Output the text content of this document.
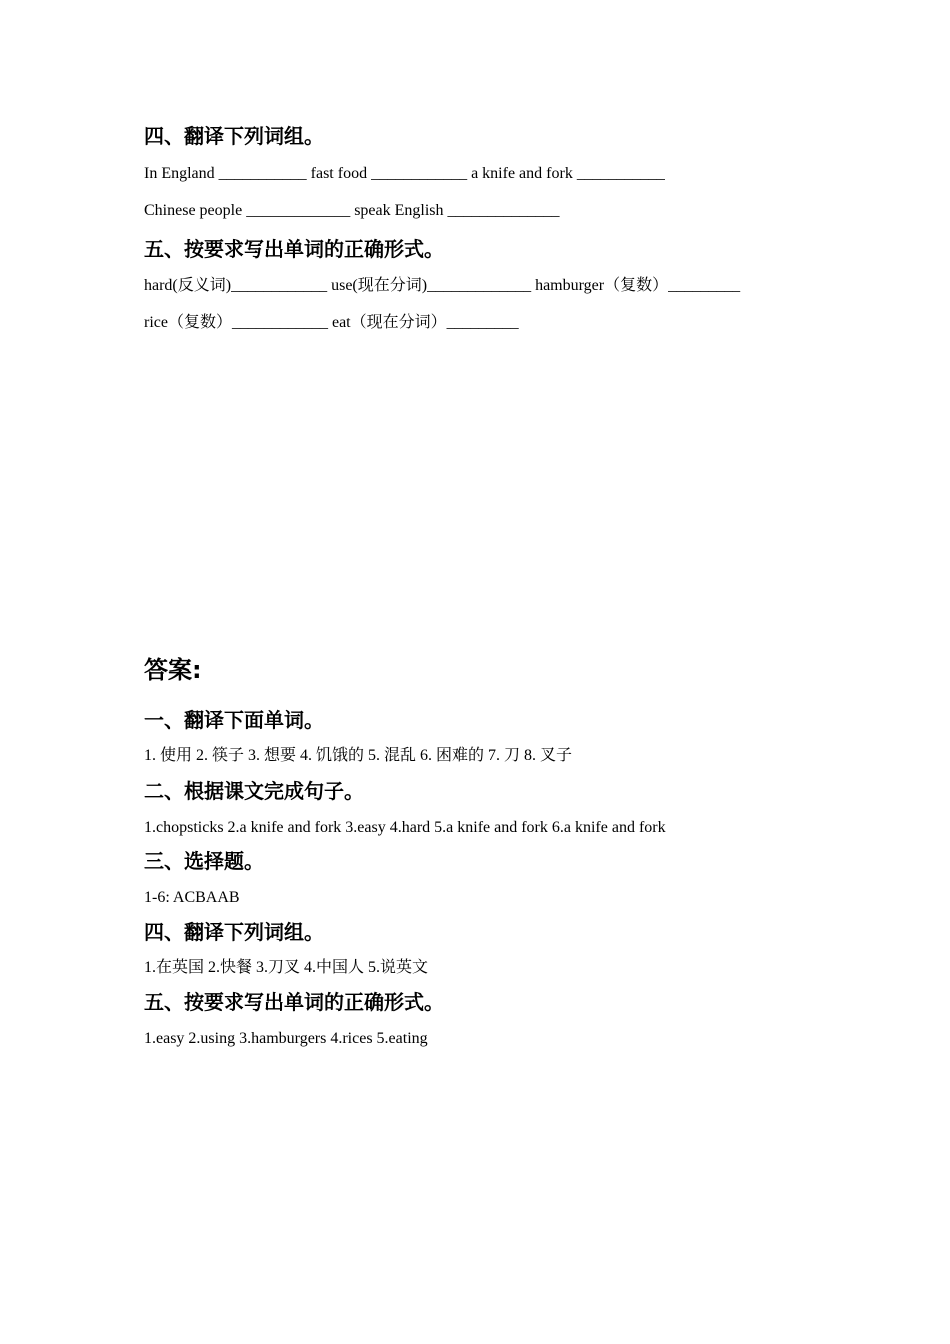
四、翻译下列词组。
In England ___________ fast food ____________ a knife and fork ___________
Chinese people _____________ speak English ______________
五、按要求写出单词的正确形式。
hard(反义词)____________ use(现在分词)_____________ hamburger（复数）_________
rice（复数）____________ eat（现在分词）_________
答案:
一、翻译下面单词。
1. 使用 2. 筷子 3. 想要 4. 饥饿的 5. 混乱 6. 困难的 7. 刀 8. 叉子
二、根据课文完成句子。
1.chopsticks 2.a knife and fork 3.easy 4.hard 5.a knife and fork 6.a knife and fork
三、选择题。
1-6: ACBAAB
四、翻译下列词组。
1.在英国 2.快餐 3.刀叉 4.中国人 5.说英文
五、按要求写出单词的正确形式。
1.easy 2.using 3.hamburgers 4.rices 5.eating
